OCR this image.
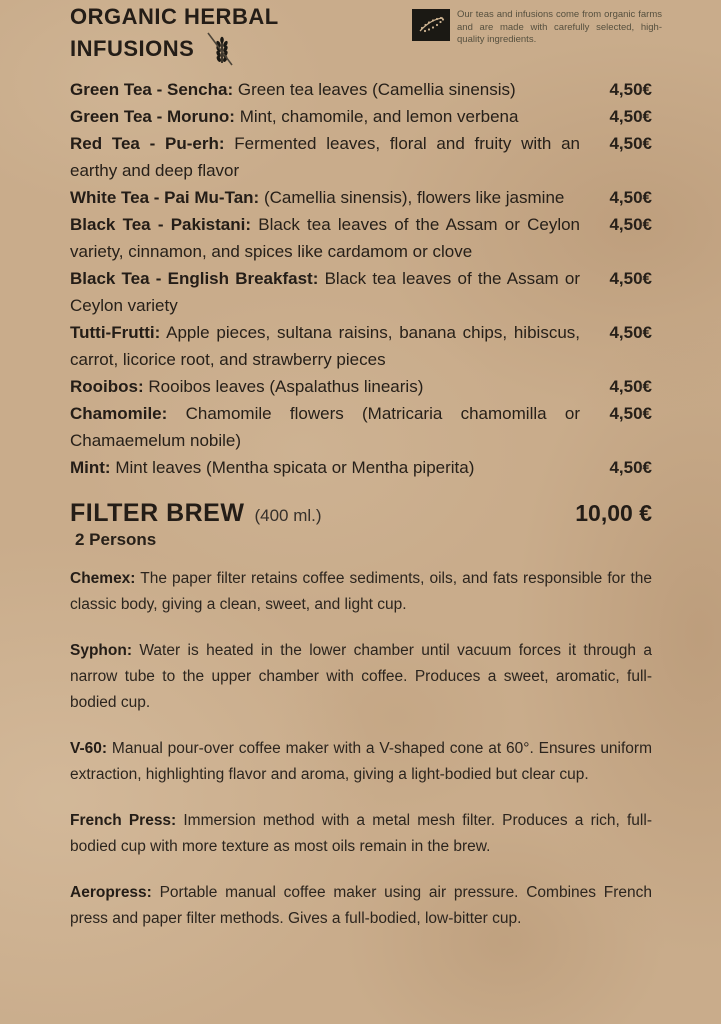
ORGANIC HERBAL
INFUSIONS
Our teas and infusions come from organic farms and are made with carefully selected, high-quality ingredients.
Green Tea - Sencha: Green tea leaves (Camellia sinensis)	4,50€
Green Tea - Moruno: Mint, chamomile, and lemon verbena	4,50€
Red Tea - Pu-erh: Fermented leaves, floral and fruity with an earthy and deep flavor
4,50€
White Tea - Pai Mu-Tan: (Camellia sinensis), flowers like jasmine	4,50€
Black Tea - Pakistani: Black tea leaves of the Assam or Ceylon variety, cinnamon, and spices like cardamom or clove
4,50€
Black Tea - English Breakfast: Black tea leaves of the Assam or Ceylon variety
4,50€
Tutti-Frutti: Apple pieces, sultana raisins, banana chips, hibiscus, carrot, licorice root, and strawberry pieces
4,50€
Rooibos: Rooibos leaves (Aspalathus linearis)	4,50€
Chamomile: Chamomile flowers (Matricaria chamomilla or Chamaemelum nobile)
4,50€
Mint: Mint leaves (Mentha spicata or Mentha piperita)	4,50€
FILTER BREW (400 ml.)	10,00 €
2 Persons

Chemex: The paper filter retains coffee sediments, oils, and fats responsible for the classic body, giving a clean, sweet, and light cup.

Syphon: Water is heated in the lower chamber until vacuum forces it through a narrow tube to the upper chamber with coffee. Produces a sweet, aromatic, full-bodied cup.

V-60: Manual pour-over coffee maker with a V-shaped cone at 60°. Ensures uniform extraction, highlighting flavor and aroma, giving a light-bodied but clear cup.

French Press: Immersion method with a metal mesh filter. Produces a rich, full-bodied cup with more texture as most oils remain in the brew.

Aeropress: Portable manual coffee maker using air pressure. Combines French press and paper filter methods. Gives a full-bodied, low-bitter cup.
